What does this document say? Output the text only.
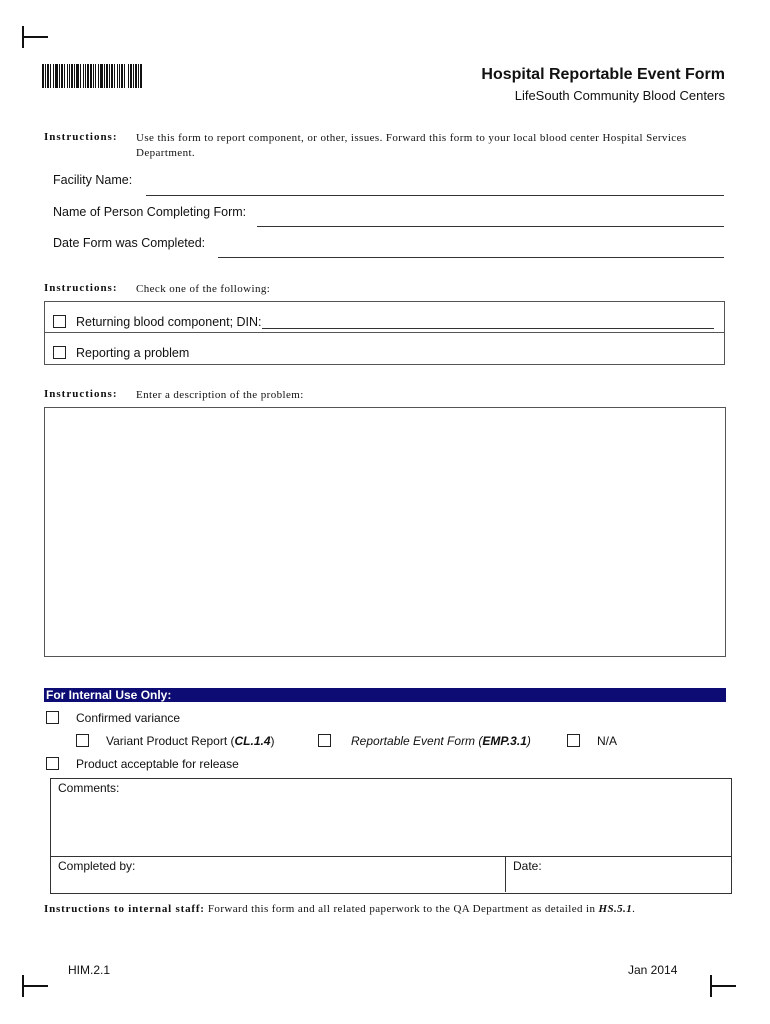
Hospital Reportable Event Form
LifeSouth Community Blood Centers
Instructions: Use this form to report component, or other, issues. Forward this form to your local blood center Hospital Services
Department.
Facility Name:
Name of Person Completing Form:
Date Form was Completed:
Instructions: Check one of the following:
Returning blood component; DIN:
Reporting a problem
Instructions: Enter a description of the problem:
For Internal Use Only:
Confirmed variance
Variant Product Report (CL.1.4)	Reportable Event Form (EMP.3.1)	N/A
Product acceptable for release
Comments:
Completed by:	Date:
Instructions to internal staff: Forward this form and all related paperwork to the QA Department as detailed in HS.5.1.
HIM.2.1	Jan 2014
